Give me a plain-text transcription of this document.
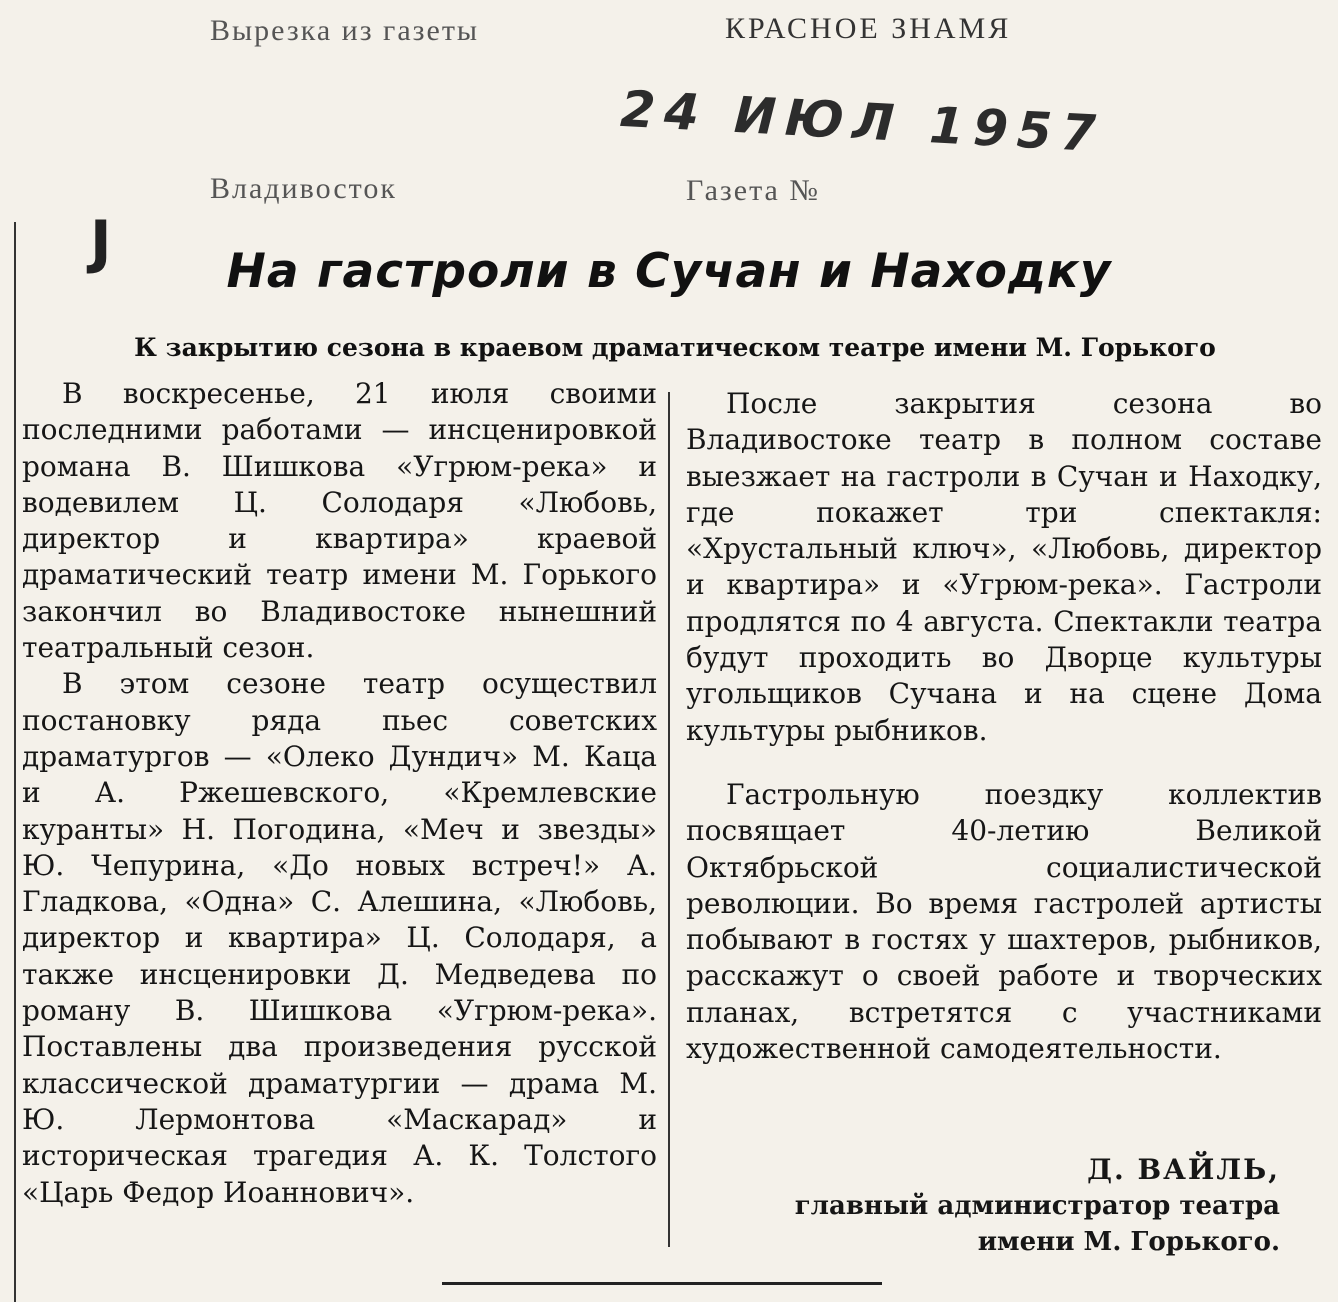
Вырезка из газеты	КРАСНОЕ ЗНАМЯ
24 ИЮЛ 1957
Владивосток	Газета №
J	На гастроли в Сучан и Находку
К закрытию сезона в краевом драматическом театре имени М. Горького

В воскресенье, 21 июля своими последними работами — инсценировкой романа В. Шишкова «Угрюм-река» и водевилем Ц. Солодаря «Любовь, директор и квартира» краевой драматический театр имени М. Горького закончил во Владивостоке нынешний театральный сезон.

В этом сезоне театр осуществил постановку ряда пьес советских драматургов — «Олеко Дундич» М. Каца и А. Ржешевского, «Кремлевские куранты» Н. Погодина, «Меч и звезды» Ю. Чепурина, «До новых встреч!» А. Гладкова, «Одна» С. Алешина, «Любовь, директор и квартира» Ц. Солодаря, а также инсценировки Д. Медведева по роману В. Шишкова «Угрюм-река». Поставлены два произведения русской классической драматургии — драма М. Ю. Лермонтова «Маскарад» и историческая трагедия А. К. Толстого «Царь Федор Иоаннович».

После закрытия сезона во Владивостоке театр в полном составе выезжает на гастроли в Сучан и Находку, где покажет три спектакля: «Хрустальный ключ», «Любовь, директор и квартира» и «Угрюм-река». Гастроли продлятся по 4 августа. Спектакли театра будут проходить во Дворце культуры угольщиков Сучана и на сцене Дома культуры рыбников.

Гастрольную поездку коллектив посвящает 40-летию Великой Октябрьской социалистической революции. Во время гастролей артисты побывают в гостях у шахтеров, рыбников, расскажут о своей работе и творческих планах, встретятся с участниками художественной самодеятельности.

Д. ВАЙЛЬ,
главный администратор театра
имени М. Горького.
